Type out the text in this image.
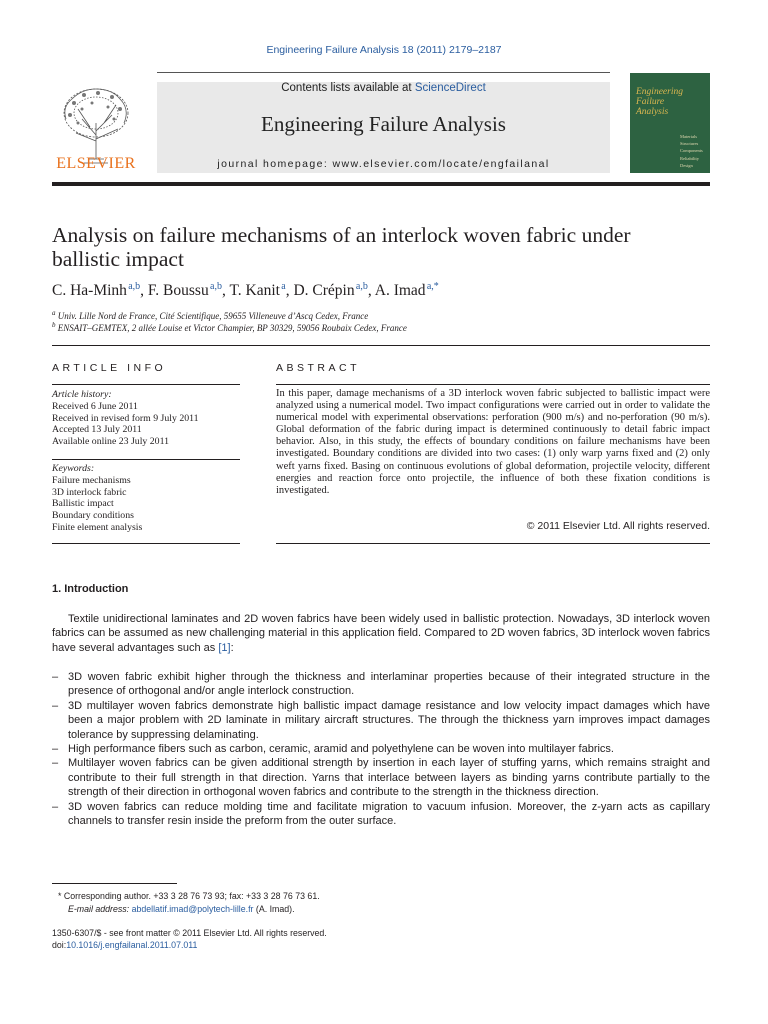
Engineering Failure Analysis 18 (2011) 2179–2187
ELSEVIER
Contents lists available at ScienceDirect
Engineering Failure Analysis
journal homepage: www.elsevier.com/locate/engfailanal
Engineering
Failure
Analysis
Materials
Structures
Components
Reliability
Design
Analysis on failure mechanisms of an interlock woven fabric under ballistic impact
C. Ha-Minh $^{a,b}$, F. Boussu $^{a,b}$, T. Kanit $^a$, D. Crépin $^{a,b}$, A. Imad $^{a,*}$
$^a$ Univ. Lille Nord de France, Cité Scientifique, 59655 Villeneuve d’Ascq Cedex, France
$^b$ ENSAIT–GEMTEX, 2 allée Louise et Victor Champier, BP 30329, 59056 Roubaix Cedex, France
ARTICLE INFO
Article history:
Received 6 June 2011
Received in revised form 9 July 2011
Accepted 13 July 2011
Available online 23 July 2011
Keywords:
Failure mechanisms
3D interlock fabric
Ballistic impact
Boundary conditions
Finite element analysis
ABSTRACT
In this paper, damage mechanisms of a 3D interlock woven fabric subjected to ballistic impact were analyzed using a numerical model. Two impact configurations were carried out in order to validate the numerical model with experimental observations: perforation (900 m/s) and no-perforation (90 m/s). Global deformation of the fabric during impact is determined continuously to detail fabric impact behavior. Also, in this study, the effects of boundary conditions on failure mechanisms have been investigated. Boundary conditions are divided into two cases: (1) only warp yarns fixed and (2) only weft yarns fixed. Basing on continuous evolutions of global deformation, projectile velocity, different energies and reaction force onto projectile, the influence of both these fixation conditions is investigated.
© 2011 Elsevier Ltd. All rights reserved.
1. Introduction
Textile unidirectional laminates and 2D woven fabrics have been widely used in ballistic protection. Nowadays, 3D interlock woven fabrics can be assumed as new challenging material in this application field. Compared to 2D woven fabrics, 3D interlock woven fabrics have several advantages such as [1]:
– 3D woven fabric exhibit higher through the thickness and interlaminar properties because of their integrated structure in the presence of orthogonal and/or angle interlock construction.
– 3D multilayer woven fabrics demonstrate high ballistic impact damage resistance and low velocity impact damages which have been a major problem with 2D laminate in military aircraft structures. The through the thickness yarn improves impact damages tolerance by suppressing delaminating.
– High performance fibers such as carbon, ceramic, aramid and polyethylene can be woven into multilayer fabrics.
– Multilayer woven fabrics can be given additional strength by insertion in each layer of stuffing yarns, which remains straight and contribute to their full strength in that direction. Yarns that interlace between layers as binding yarns contribute partially to the strength of their direction in orthogonal woven fabrics and contribute to the strength in the thickness direction.
– 3D woven fabrics can reduce molding time and facilitate migration to vacuum infusion. Moreover, the z-yarn acts as capillary channels to transfer resin inside the preform from the outer surface.
* Corresponding author. +33 3 28 76 73 93; fax: +33 3 28 76 73 61.
E-mail address: abdellatif.imad@polytech-lille.fr (A. Imad).
1350-6307/$ - see front matter © 2011 Elsevier Ltd. All rights reserved.
doi:10.1016/j.engfailanal.2011.07.011
